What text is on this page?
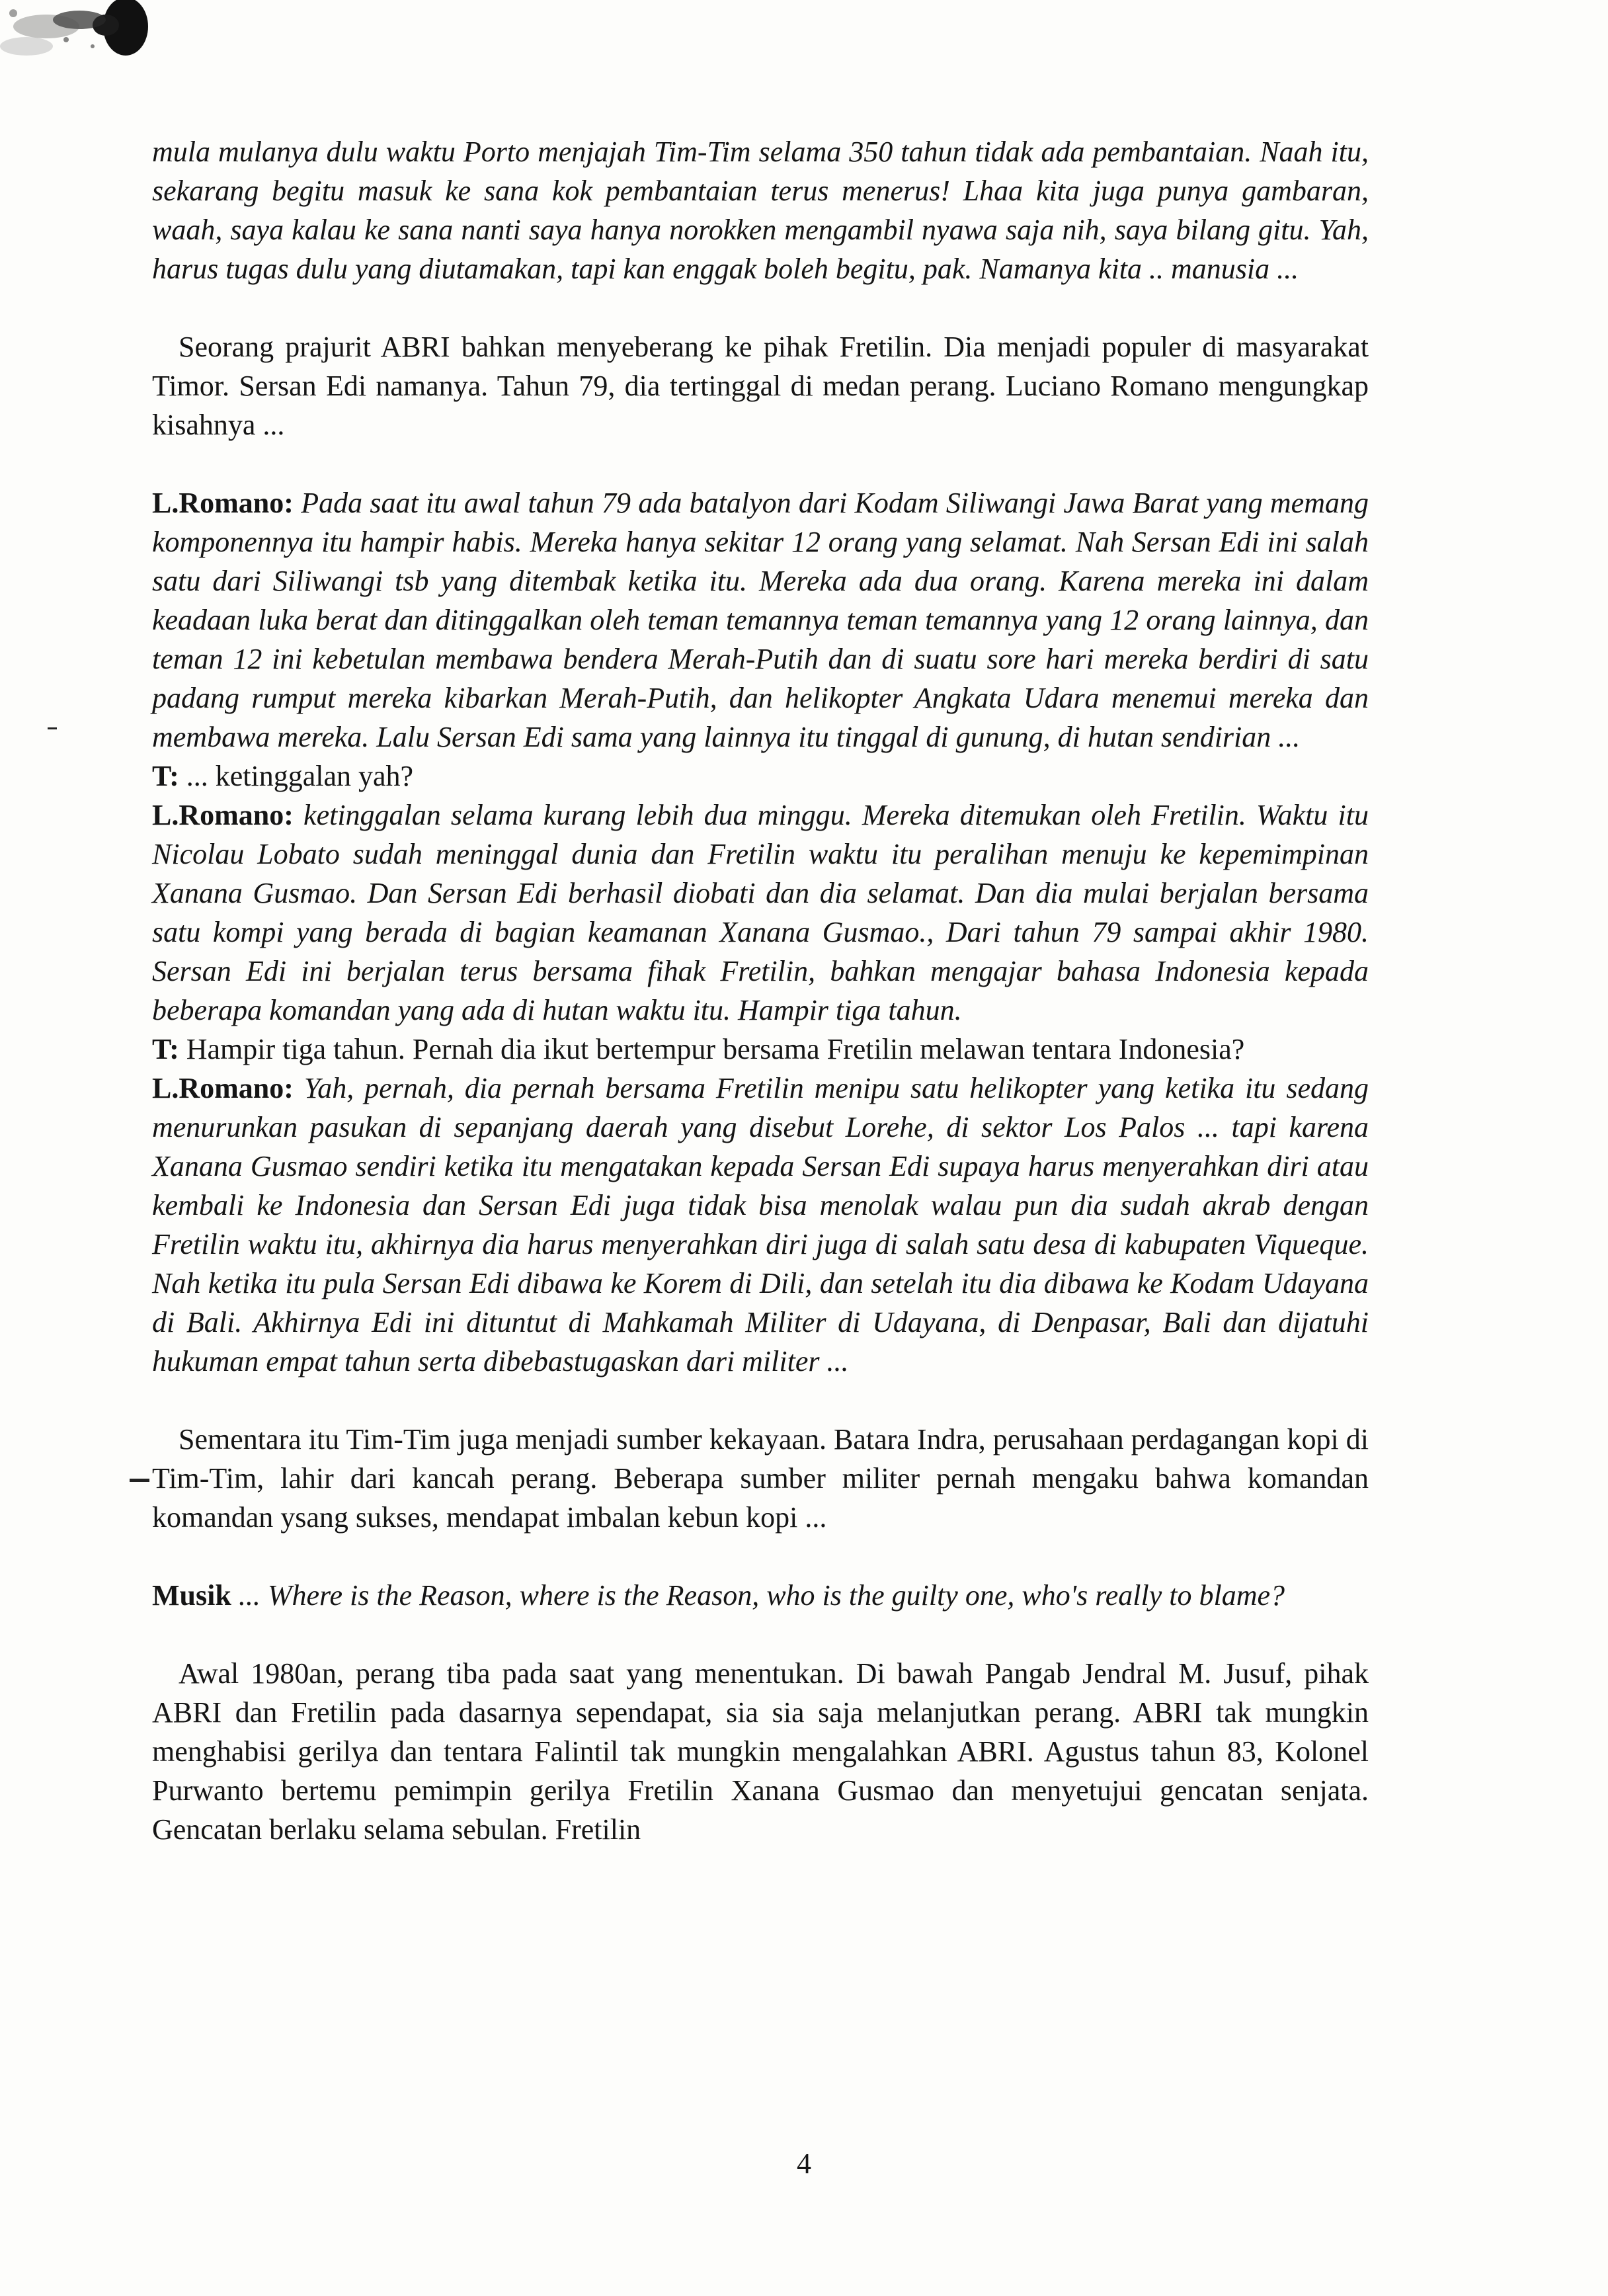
mula mulanya dulu waktu Porto menjajah Tim-Tim selama 350 tahun tidak ada pembantaian. Naah itu, sekarang begitu masuk ke sana kok pembantaian terus menerus! Lhaa kita juga punya gambaran, waah, saya kalau ke sana nanti saya hanya norokken mengambil nyawa saja nih, saya bilang gitu. Yah, harus tugas dulu yang diutamakan, tapi kan enggak boleh begitu, pak. Namanya kita .. manusia ...

Seorang prajurit ABRI bahkan menyeberang ke pihak Fretilin. Dia menjadi populer di masyarakat Timor. Sersan Edi namanya. Tahun 79, dia tertinggal di medan perang. Luciano Romano mengungkap kisahnya ...

L.Romano: Pada saat itu awal tahun 79 ada batalyon dari Kodam Siliwangi Jawa Barat yang memang komponennya itu hampir habis. Mereka hanya sekitar 12 orang yang selamat. Nah Sersan Edi ini salah satu dari Siliwangi tsb yang ditembak ketika itu. Mereka ada dua orang. Karena mereka ini dalam keadaan luka berat dan ditinggalkan oleh teman temannya teman temannya yang 12 orang lainnya, dan teman 12 ini kebetulan membawa bendera Merah-Putih dan di suatu sore hari mereka berdiri di satu padang rumput mereka kibarkan Merah-Putih, dan helikopter Angkata Udara menemui mereka dan membawa mereka. Lalu Sersan Edi sama yang lainnya itu tinggal di gunung, di hutan sendirian ...

T: ... ketinggalan yah?

L.Romano: ketinggalan selama kurang lebih dua minggu. Mereka ditemukan oleh Fretilin. Waktu itu Nicolau Lobato sudah meninggal dunia dan Fretilin waktu itu peralihan menuju ke kepemimpinan Xanana Gusmao. Dan Sersan Edi berhasil diobati dan dia selamat. Dan dia mulai berjalan bersama satu kompi yang berada di bagian keamanan Xanana Gusmao., Dari tahun 79 sampai akhir 1980. Sersan Edi ini berjalan terus bersama fihak Fretilin, bahkan mengajar bahasa Indonesia kepada beberapa komandan yang ada di hutan waktu itu. Hampir tiga tahun.

T: Hampir tiga tahun. Pernah dia ikut bertempur bersama Fretilin melawan tentara Indonesia?

L.Romano: Yah, pernah, dia pernah bersama Fretilin menipu satu helikopter yang ketika itu sedang menurunkan pasukan di sepanjang daerah yang disebut Lorehe, di sektor Los Palos ... tapi karena Xanana Gusmao sendiri ketika itu mengatakan kepada Sersan Edi supaya harus menyerahkan diri atau kembali ke Indonesia dan Sersan Edi juga tidak bisa menolak walau pun dia sudah akrab dengan Fretilin waktu itu, akhirnya dia harus menyerahkan diri juga di salah satu desa di kabupaten Viqueque. Nah ketika itu pula Sersan Edi dibawa ke Korem di Dili, dan setelah itu dia dibawa ke Kodam Udayana di Bali. Akhirnya Edi ini dituntut di Mahkamah Militer di Udayana, di Denpasar, Bali dan dijatuhi hukuman empat tahun serta dibebastugaskan dari militer ...

Sementara itu Tim-Tim juga menjadi sumber kekayaan. Batara Indra, perusahaan perdagangan kopi di Tim-Tim, lahir dari kancah perang. Beberapa sumber militer pernah mengaku bahwa komandan komandan ysang sukses, mendapat imbalan kebun kopi ...

Musik ... Where is the Reason, where is the Reason, who is the guilty one, who's really to blame?

Awal 1980an, perang tiba pada saat yang menentukan. Di bawah Pangab Jendral M. Jusuf, pihak ABRI dan Fretilin pada dasarnya sependapat, sia sia saja melanjutkan perang. ABRI tak mungkin menghabisi gerilya dan tentara Falintil tak mungkin mengalahkan ABRI. Agustus tahun 83, Kolonel Purwanto bertemu pemimpin gerilya Fretilin Xanana Gusmao dan menyetujui gencatan senjata. Gencatan berlaku selama sebulan. Fretilin

4
